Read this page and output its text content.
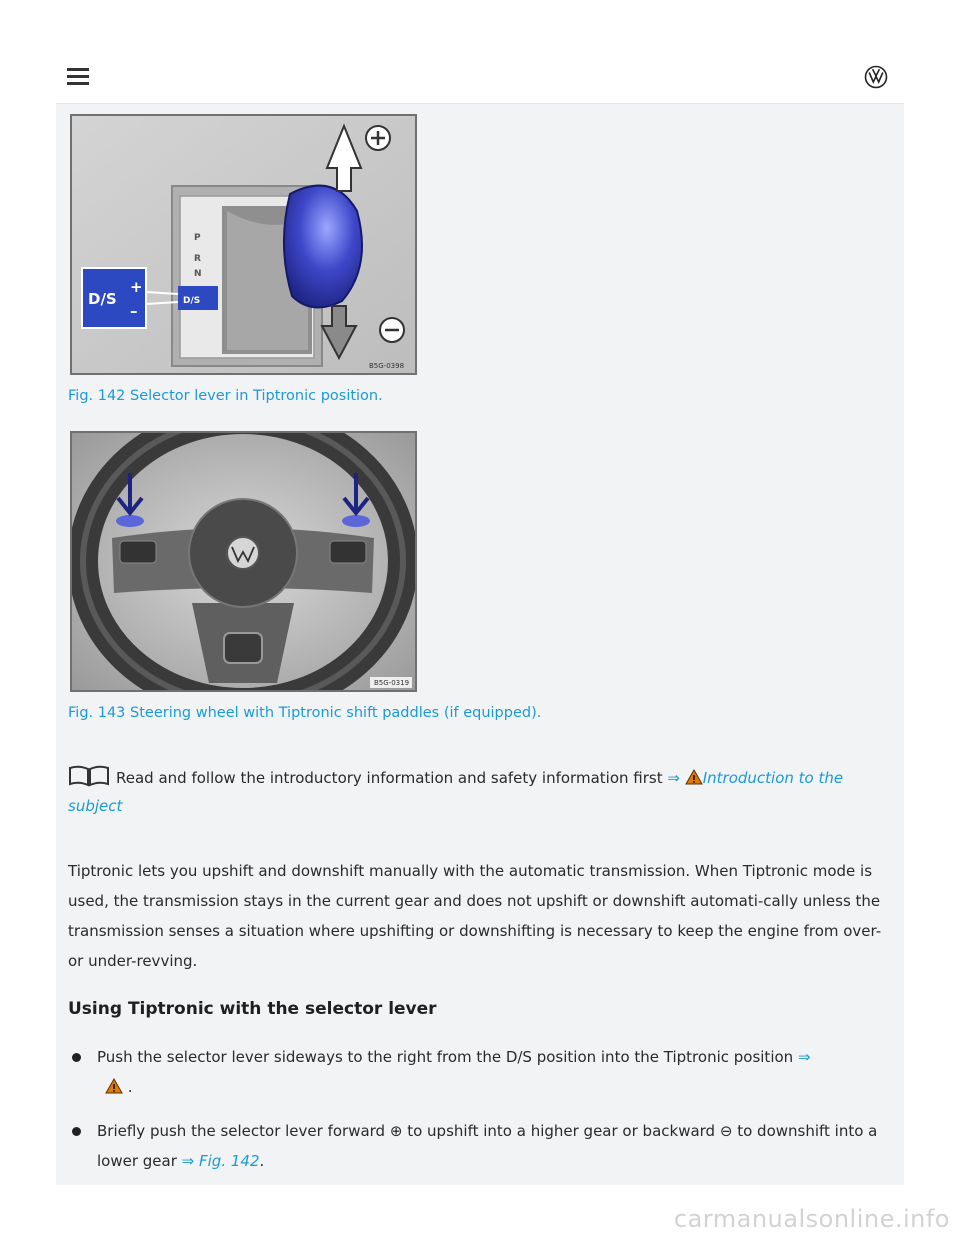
P
R
N
D/S
D/S
+
–
B5G-0398
Fig. 142 Selector lever in Tiptronic position.
B5G-0319
Fig. 143 Steering wheel with Tiptronic shift paddles (if equipped).
Read and follow the introductory information and safety information first ⇒ Introduction to the subject
Tiptronic lets you upshift and downshift manually with the automatic transmission. When Tiptronic mode is used, the transmission stays in the current gear and does not upshift or downshift automati-cally unless the transmission senses a situation where upshifting or downshifting is necessary to keep the engine from over- or under-revving.
Using Tiptronic with the selector lever
Push the selector lever sideways to the right from the D/S position into the Tiptronic position ⇒
.
Briefly push the selector lever forward ⊕ to upshift into a higher gear or backward ⊖ to downshift into a lower gear ⇒ Fig. 142.
carmanualsonline.info
